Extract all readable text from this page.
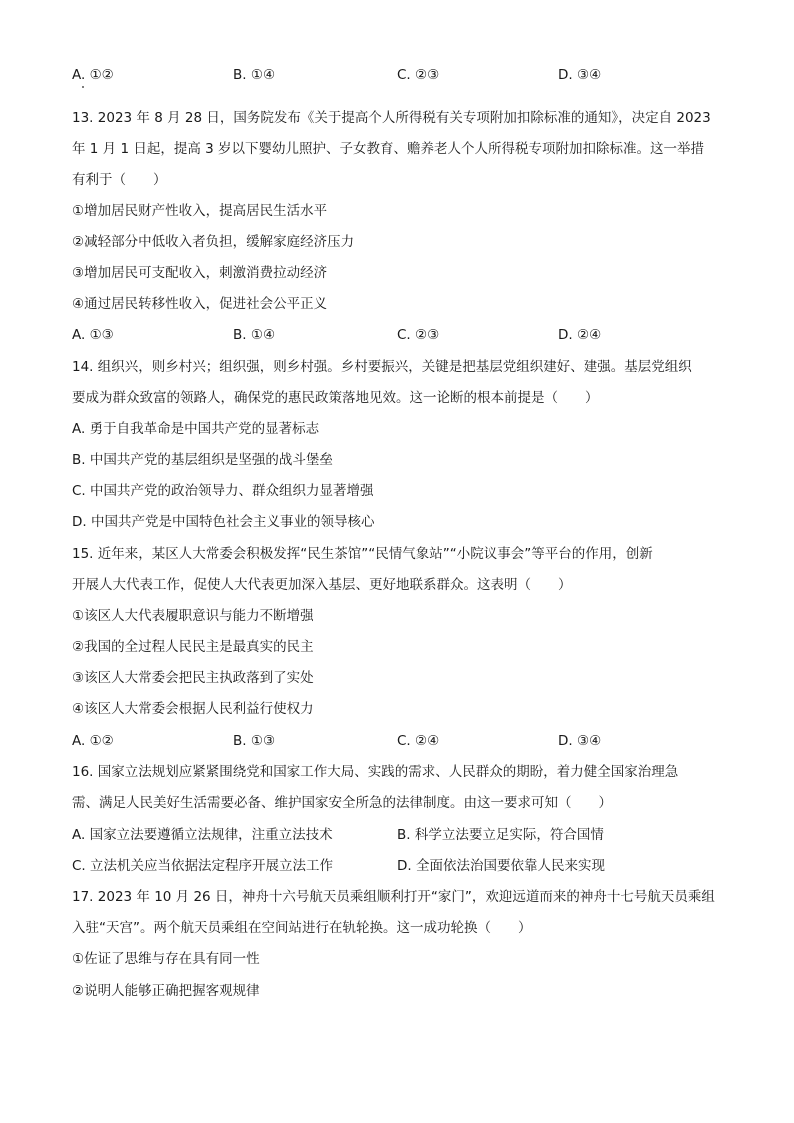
A. ①②	B. ①④	C. ②③	D. ③④
13. 2023 年 8 月 28 日，国务院发布《关于提高个人所得税有关专项附加扣除标准的通知》，决定自 2023
年 1 月 1 日起，提高 3 岁以下婴幼儿照护、子女教育、赡养老人个人所得税专项附加扣除标准。这一举措
有利于（　　）
①增加居民财产性收入，提高居民生活水平
②减轻部分中低收入者负担，缓解家庭经济压力
③增加居民可支配收入，刺激消费拉动经济
④通过居民转移性收入，促进社会公平正义
A. ①③	B. ①④	C. ②③	D. ②④
14. 组织兴，则乡村兴；组织强，则乡村强。乡村要振兴，关键是把基层党组织建好、建强。基层党组织
要成为群众致富的领路人，确保党的惠民政策落地见效。这一论断的根本前提是（　　）
A. 勇于自我革命是中国共产党的显著标志
B. 中国共产党的基层组织是坚强的战斗堡垒
C. 中国共产党的政治领导力、群众组织力显著增强
D. 中国共产党是中国特色社会主义事业的领导核心
15. 近年来，某区人大常委会积极发挥“民生茶馆”“民情气象站”“小院议事会”等平台的作用，创新
开展人大代表工作，促使人大代表更加深入基层、更好地联系群众。这表明（　　）
①该区人大代表履职意识与能力不断增强
②我国的全过程人民民主是最真实的民主
③该区人大常委会把民主执政落到了实处
④该区人大常委会根据人民利益行使权力
A. ①②	B. ①③	C. ②④	D. ③④
16. 国家立法规划应紧紧围绕党和国家工作大局、实践的需求、人民群众的期盼，着力健全国家治理急
需、满足人民美好生活需要必备、维护国家安全所急的法律制度。由这一要求可知（　　）
A. 国家立法要遵循立法规律，注重立法技术	B. 科学立法要立足实际，符合国情
C. 立法机关应当依据法定程序开展立法工作	D. 全面依法治国要依靠人民来实现
17. 2023 年 10 月 26 日，神舟十六号航天员乘组顺利打开“家门”，欢迎远道而来的神舟十七号航天员乘组
入驻“天宫”。两个航天员乘组在空间站进行在轨轮换。这一成功轮换（　　）
①佐证了思维与存在具有同一性
②说明人能够正确把握客观规律
